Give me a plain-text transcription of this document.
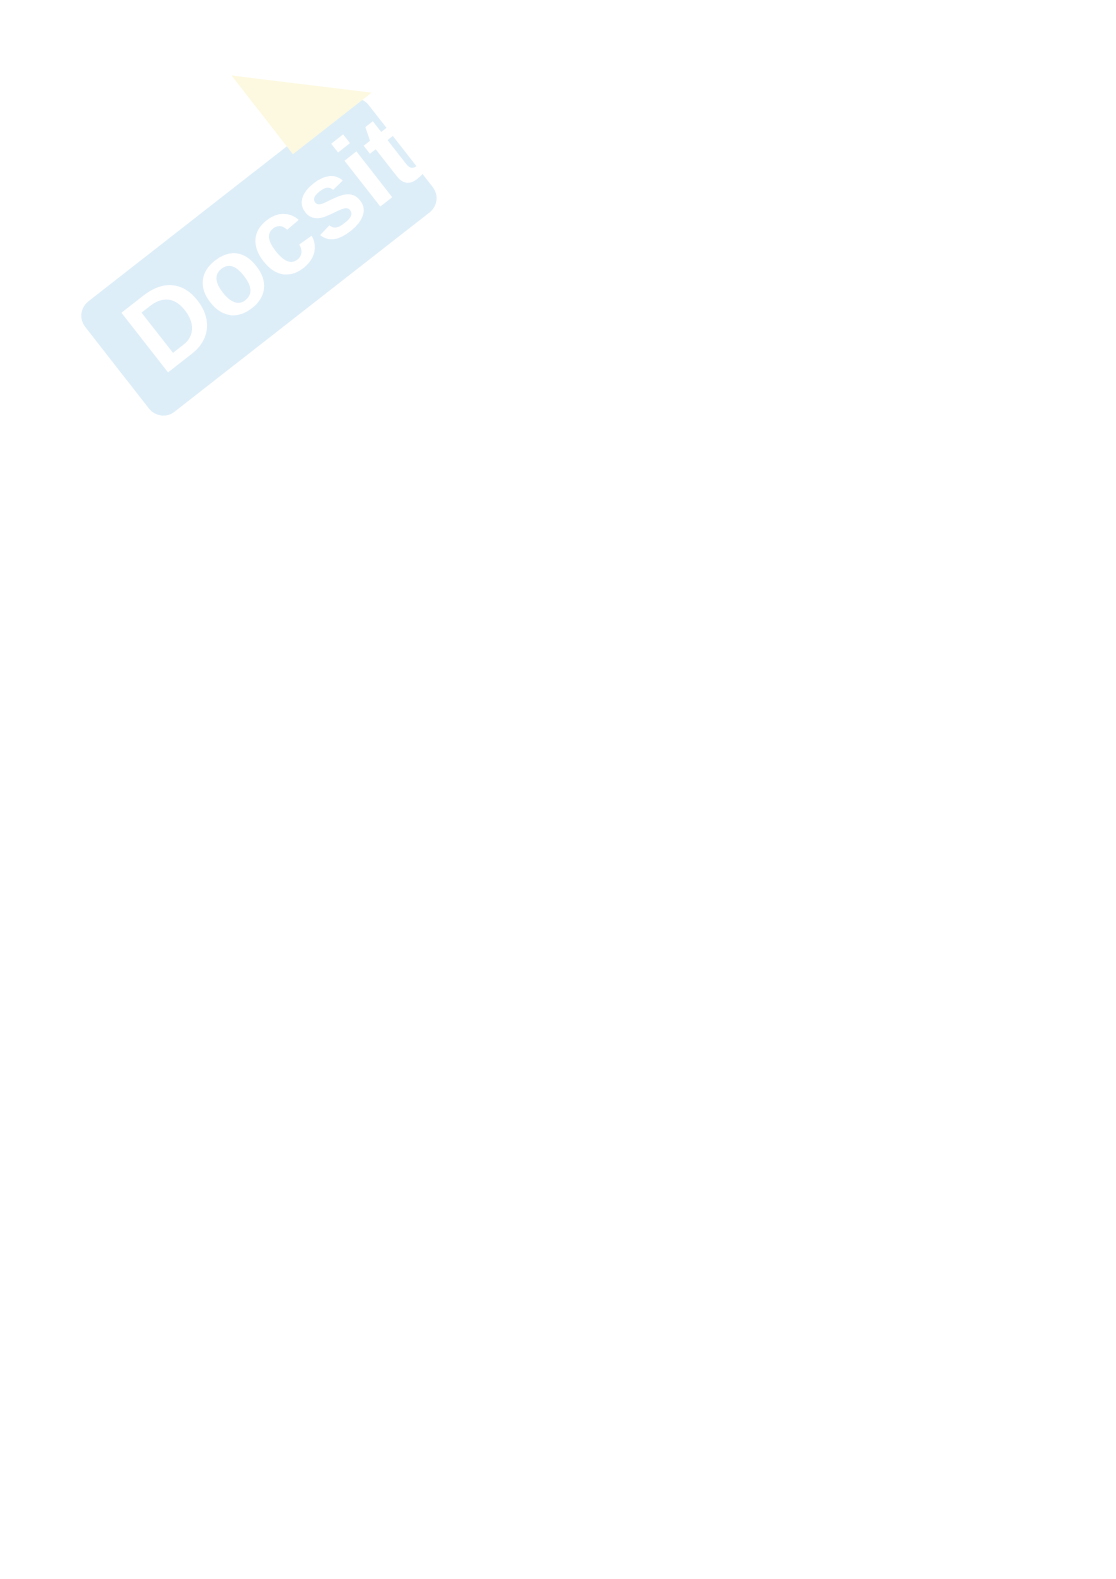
Docsity
